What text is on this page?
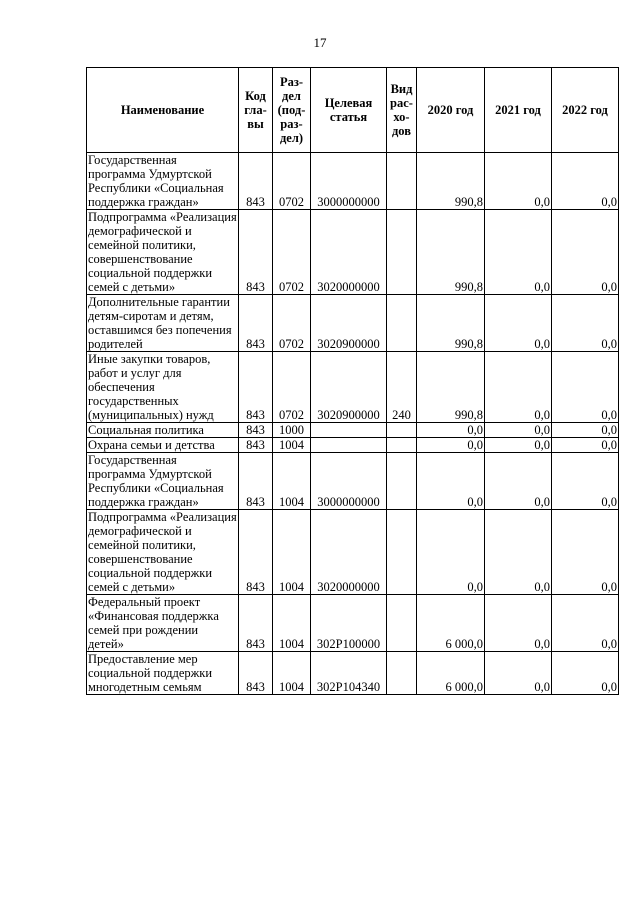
17
Наименование	Код гла-вы	Раз-дел (под-раз-дел)	Целевая статья	Вид рас-хо-дов	2020 год	2021 год	2022 год
Государственная программа Удмуртской Республики «Социальная поддержка граждан»	843	0702	3000000000		990,8	0,0	0,0
Подпрограмма «Реализация демографической и семейной политики, совершенствование социальной поддержки семей с детьми»	843	0702	3020000000		990,8	0,0	0,0
Дополнительные гарантии детям-сиротам и детям, оставшимся без попечения родителей	843	0702	3020900000		990,8	0,0	0,0
Иные закупки товаров, работ и услуг для обеспечения государственных (муниципальных) нужд	843	0702	3020900000	240	990,8	0,0	0,0
Социальная политика	843	1000			0,0	0,0	0,0
Охрана семьи и детства	843	1004			0,0	0,0	0,0
Государственная программа Удмуртской Республики «Социальная поддержка граждан»	843	1004	3000000000		0,0	0,0	0,0
Подпрограмма «Реализация демографической и семейной политики, совершенствование социальной поддержки семей с детьми»	843	1004	3020000000		0,0	0,0	0,0
Федеральный проект «Финансовая поддержка семей при рождении детей»	843	1004	302P100000		6 000,0	0,0	0,0
Предоставление мер социальной поддержки многодетным семьям	843	1004	302P104340		6 000,0	0,0	0,0
